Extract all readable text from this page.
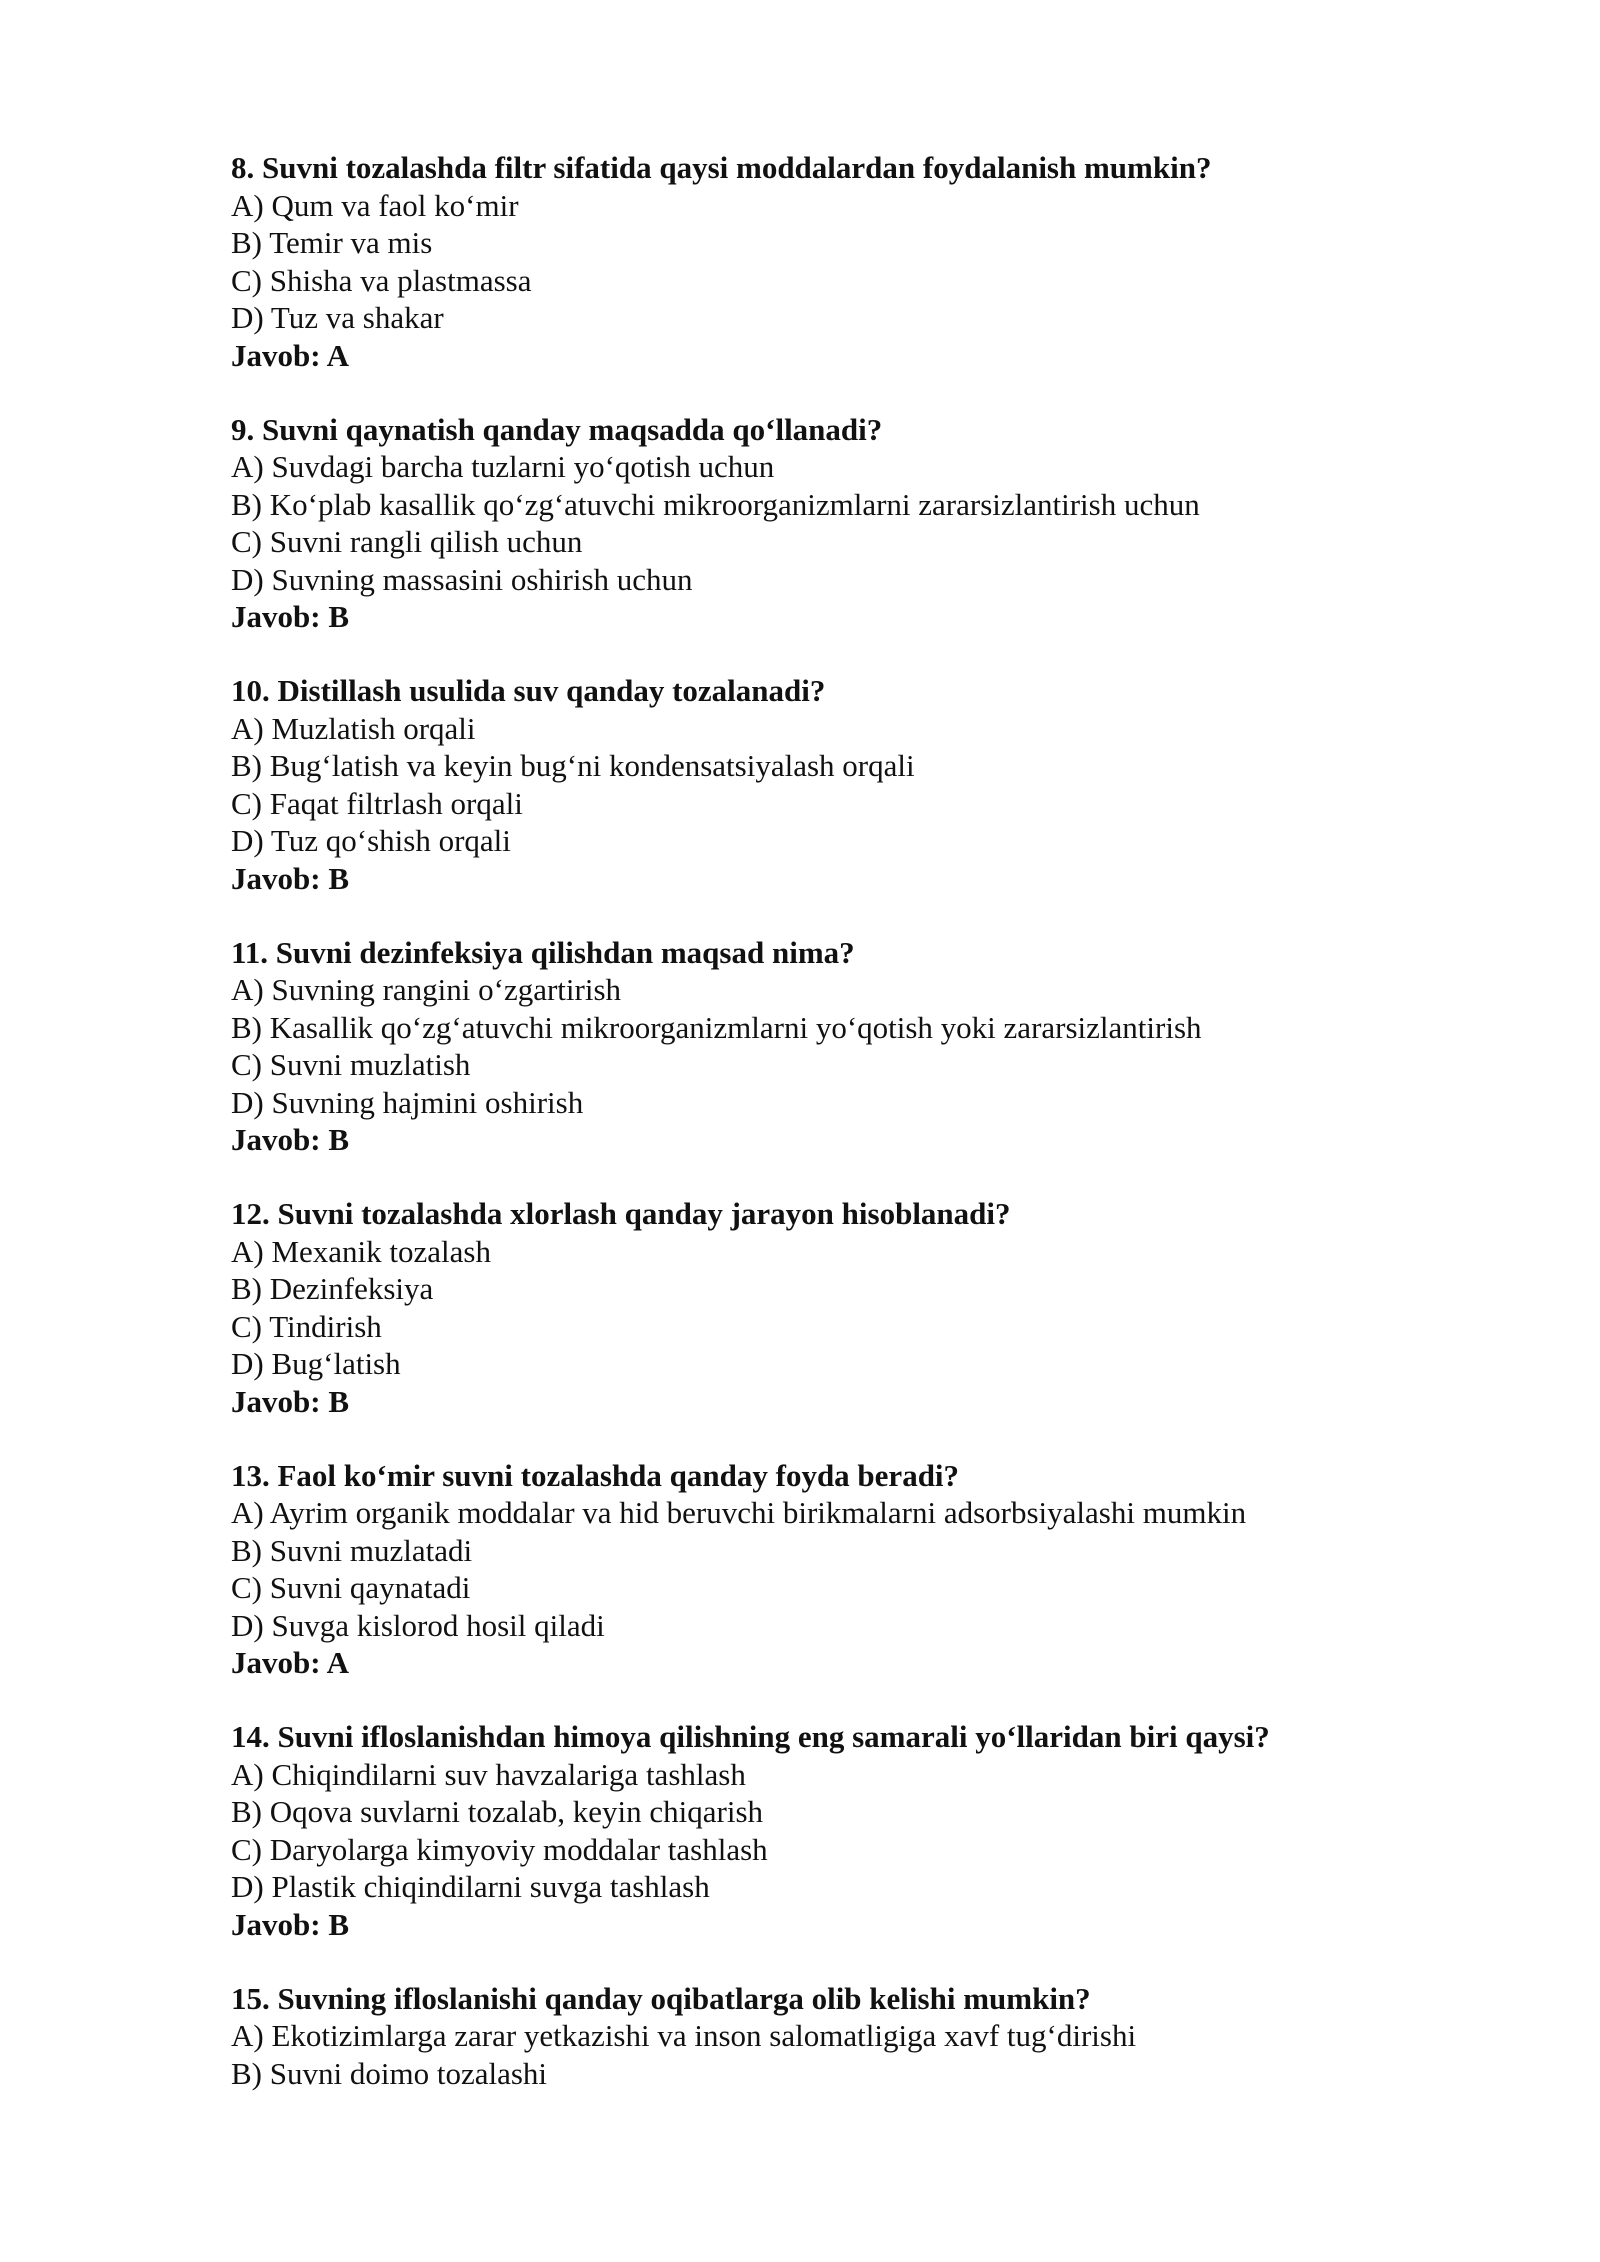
8. Suvni tozalashda filtr sifatida qaysi moddalardan foydalanish mumkin?
A) Qum va faol ko‘mir
B) Temir va mis
C) Shisha va plastmassa
D) Tuz va shakar
Javob: A
9. Suvni qaynatish qanday maqsadda qo‘llanadi?
A) Suvdagi barcha tuzlarni yo‘qotish uchun
B) Ko‘plab kasallik qo‘zg‘atuvchi mikroorganizmlarni zararsizlantirish uchun
C) Suvni rangli qilish uchun
D) Suvning massasini oshirish uchun
Javob: B
10. Distillash usulida suv qanday tozalanadi?
A) Muzlatish orqali
B) Bug‘latish va keyin bug‘ni kondensatsiyalash orqali
C) Faqat filtrlash orqali
D) Tuz qo‘shish orqali
Javob: B
11. Suvni dezinfeksiya qilishdan maqsad nima?
A) Suvning rangini o‘zgartirish
B) Kasallik qo‘zg‘atuvchi mikroorganizmlarni yo‘qotish yoki zararsizlantirish
C) Suvni muzlatish
D) Suvning hajmini oshirish
Javob: B
12. Suvni tozalashda xlorlash qanday jarayon hisoblanadi?
A) Mexanik tozalash
B) Dezinfeksiya
C) Tindirish
D) Bug‘latish
Javob: B
13. Faol ko‘mir suvni tozalashda qanday foyda beradi?
A) Ayrim organik moddalar va hid beruvchi birikmalarni adsorbsiyalashi mumkin
B) Suvni muzlatadi
C) Suvni qaynatadi
D) Suvga kislorod hosil qiladi
Javob: A
14. Suvni ifloslanishdan himoya qilishning eng samarali yo‘llaridan biri qaysi?
A) Chiqindilarni suv havzalariga tashlash
B) Oqova suvlarni tozalab, keyin chiqarish
C) Daryolarga kimyoviy moddalar tashlash
D) Plastik chiqindilarni suvga tashlash
Javob: B
15. Suvning ifloslanishi qanday oqibatlarga olib kelishi mumkin?
A) Ekotizimlarga zarar yetkazishi va inson salomatligiga xavf tug‘dirishi
B) Suvni doimo tozalashi
